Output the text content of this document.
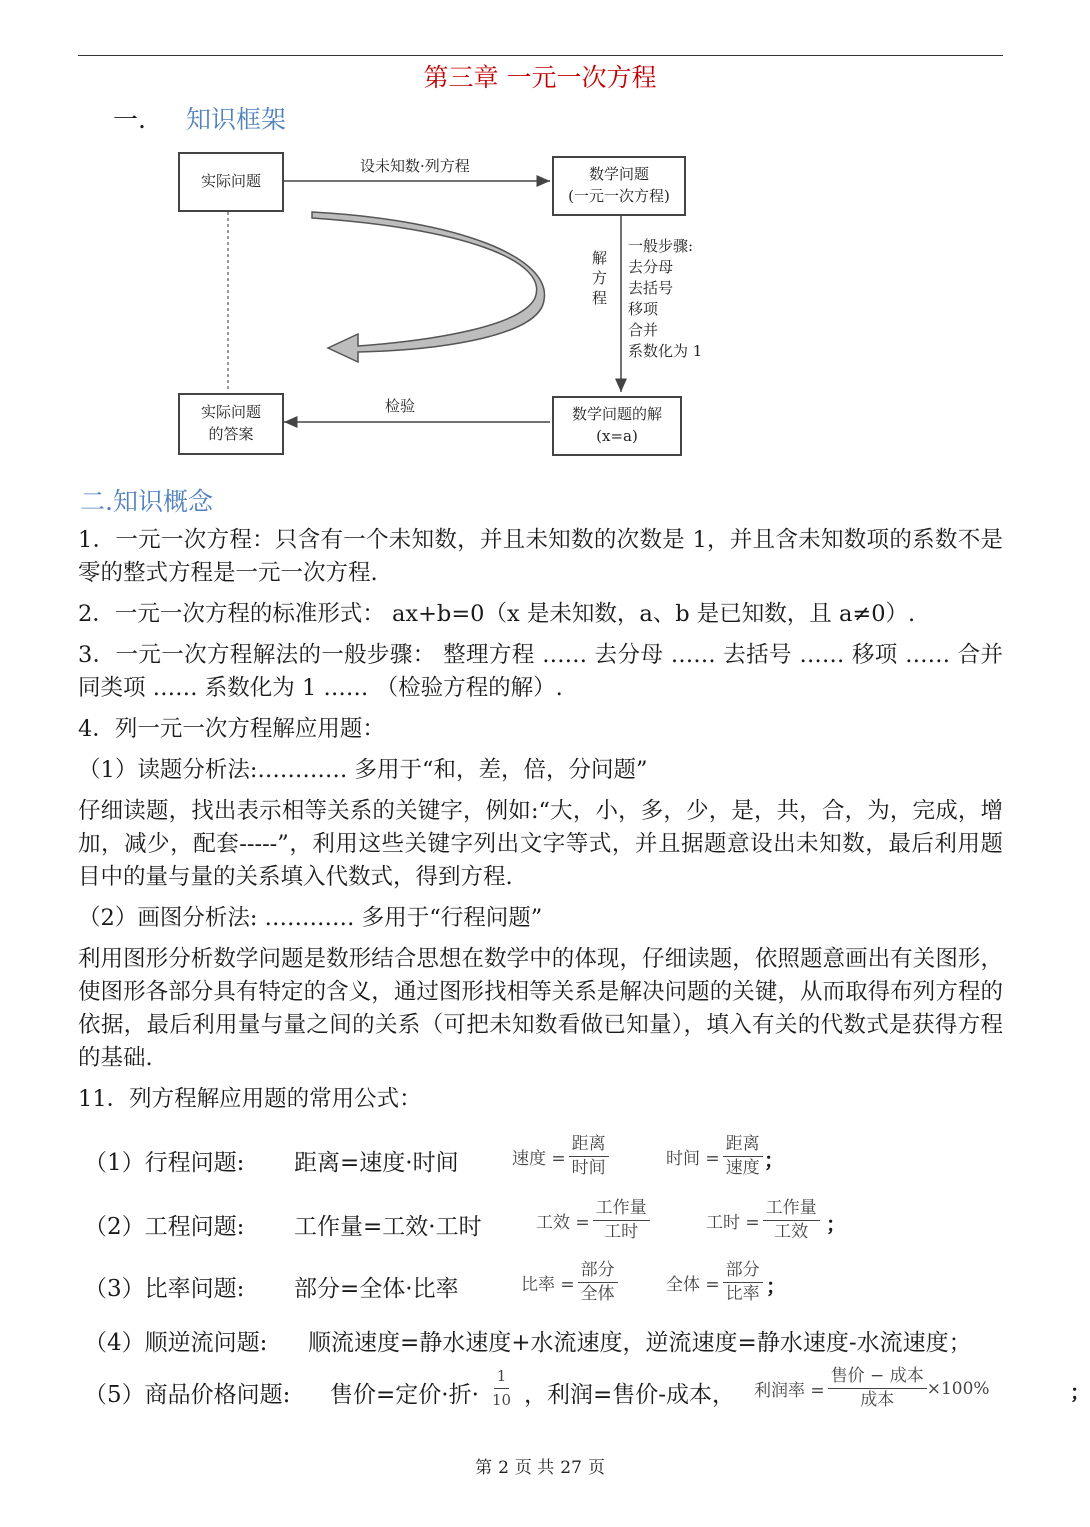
第三章 一元一次方程
一. 知识框架
实际问题	数学问题
(一元一次方程)
实际问题
的答案
数学问题的解
(x=a)
设未知数·列方程
检验
解方程
一般步骤:
去分母
去括号
移项
合并
系数化为 1
二.知识概念

1．一元一次方程：只含有一个未知数，并且未知数的次数是 1，并且含未知数项的系数不是零的整式方程是一元一次方程.

2．一元一次方程的标准形式： ax+b=0（x 是未知数，a、b 是已知数，且 a≠0）.

3．一元一次方程解法的一般步骤： 整理方程 …… 去分母 …… 去括号 …… 移项 …… 合并同类项 …… 系数化为 1 …… （检验方程的解）.

4．列一元一次方程解应用题：

（1）读题分析法:………… 多用于“和，差，倍，分问题”

仔细读题，找出表示相等关系的关键字，例如:“大，小，多，少，是，共，合，为，完成，增加，减少，配套-----”，利用这些关键字列出文字等式，并且据题意设出未知数，最后利用题目中的量与量的关系填入代数式，得到方程.

（2）画图分析法: ………… 多用于“行程问题”

利用图形分析数学问题是数形结合思想在数学中的体现，仔细读题，依照题意画出有关图形，使图形各部分具有特定的含义，通过图形找相等关系是解决问题的关键，从而取得布列方程的依据，最后利用量与量之间的关系（可把未知数看做已知量），填入有关的代数式是获得方程的基础.

11．列方程解应用题的常用公式：

（1）行程问题: 距离=速度·时间	速度 = $\frac{\text{距离}}{\text{时间}}$	时间 = $\frac{\text{距离}}{\text{速度}}$ ；
（2）工程问题: 工作量=工效·工时	工效 = $\frac{\text{工作量}}{\text{工时}}$	工时 = $\frac{\text{工作量}}{\text{工效}}$ ；
（3）比率问题: 部分=全体·比率	比率 = $\frac{\text{部分}}{\text{全体}}$	全体 = $\frac{\text{部分}}{\text{比率}}$ ；
（4）顺逆流问题: 顺流速度=静水速度+水流速度，逆流速度=静水速度-水流速度；
（5）商品价格问题: 售价=定价·折· $\frac{1}{10}$ ，利润=售价-成本， 利润率 = $\frac{\text{售价 − 成本}}{\text{成本}} \times 100\%$	；
第 2 页 共 27 页
